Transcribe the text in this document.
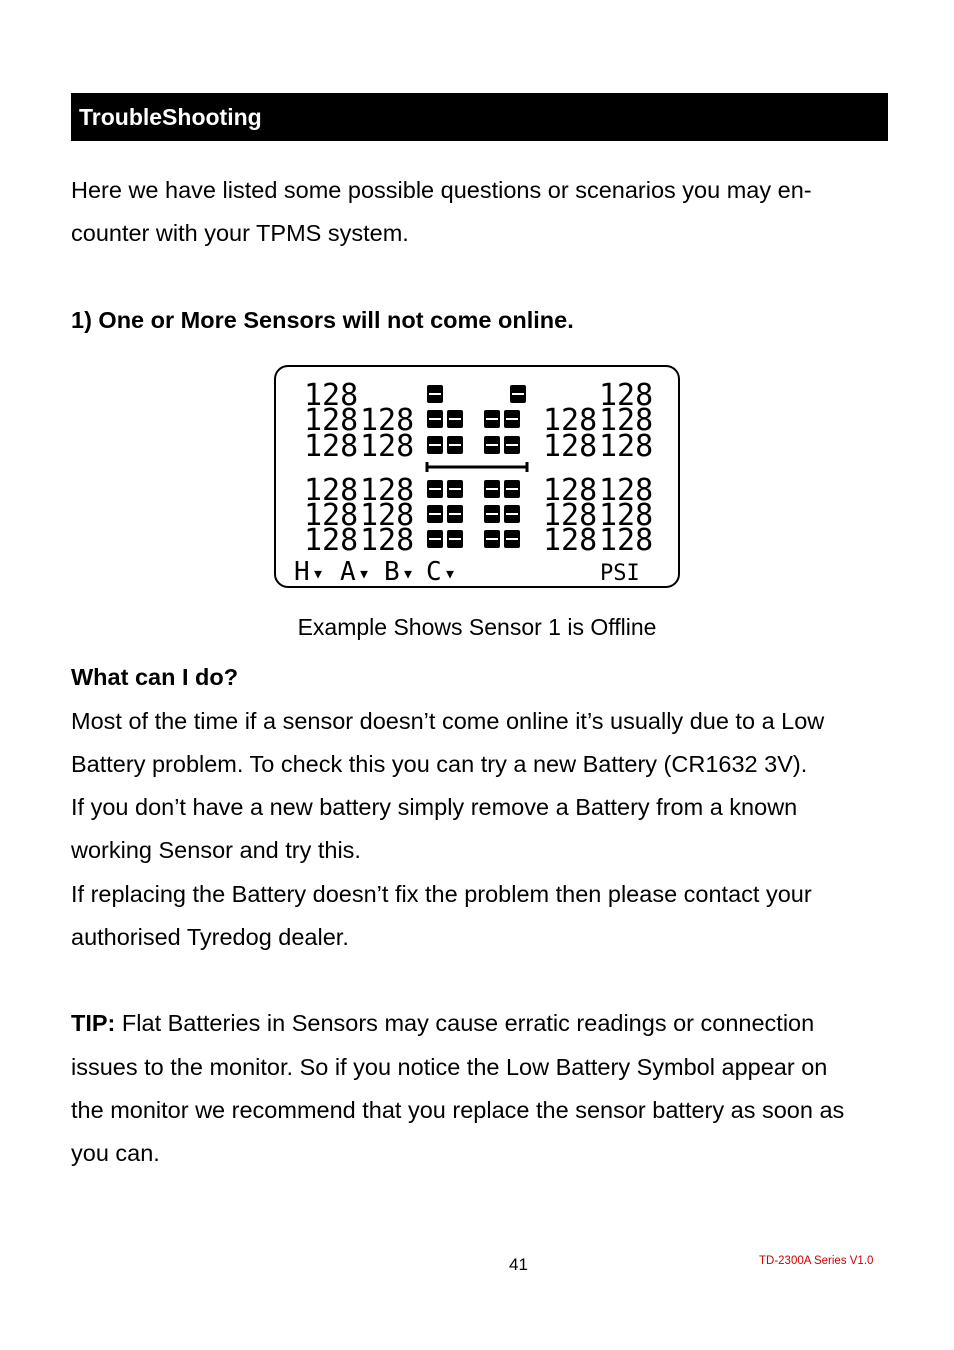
TroubleShooting
Here we have listed some possible questions or scenarios you may en-
counter with your TPMS system.
1) One or More Sensors will not come online.
128	128
128 128	128 128
128 128	128 128
128 128	128 128
128 128	128 128
128 128	128 128
H ▾ A ▾ B ▾ C ▾	PSI
Example Shows Sensor 1 is Offline
What can I do?
Most of the time if a sensor doesn’t come online it’s usually due to a Low
Battery problem. To check this you can try a new Battery (CR1632 3V).
If you don’t have a new battery simply remove a Battery from a known
working Sensor and try this.
If replacing the Battery doesn’t fix the problem then please contact your
authorised Tyredog dealer.
TIP: Flat Batteries in Sensors may cause erratic readings or connection
issues to the monitor. So if you notice the Low Battery Symbol appear on
the monitor we recommend that you replace the sensor battery as soon as
you can.
41	TD-2300A Series V1.0
